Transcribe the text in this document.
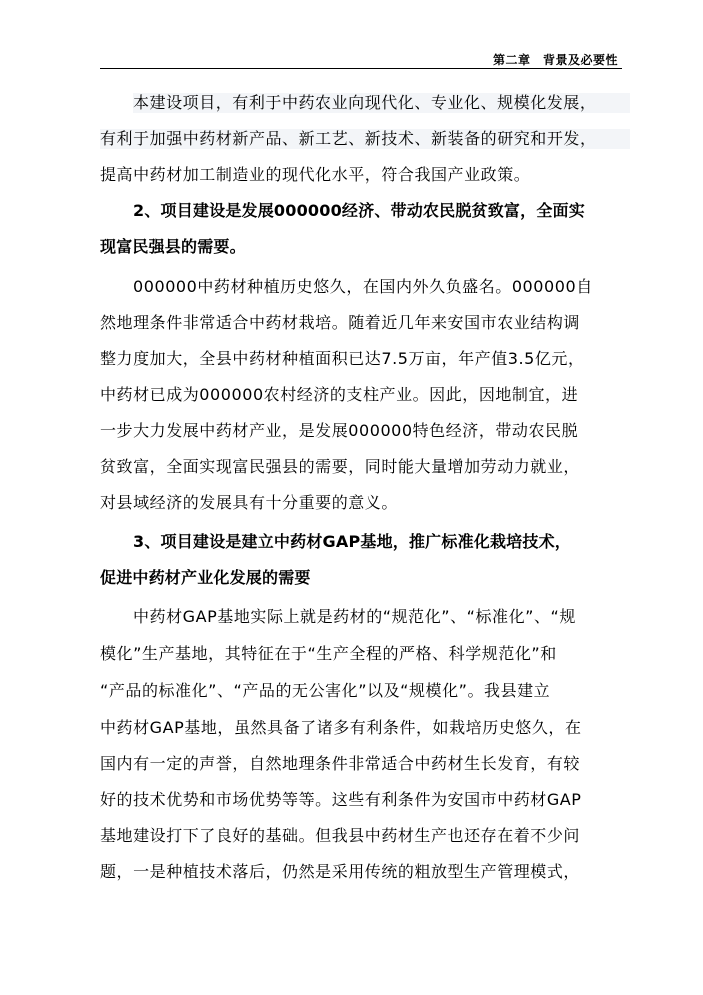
第二章　背景及必要性
本建设项目，有利于中药农业向现代化、专业化、规模化发展，
有利于加强中药材新产品、新工艺、新技术、新装备的研究和开发，
提高中药材加工制造业的现代化水平，符合我国产业政策。
2、项目建设是发展000000经济、带动农民脱贫致富，全面实
现富民强县的需要。
000000中药材种植历史悠久，在国内外久负盛名。000000自
然地理条件非常适合中药材栽培。随着近几年来安国市农业结构调
整力度加大，全县中药材种植面积已达7.5万亩，年产值3.5亿元，
中药材已成为000000农村经济的支柱产业。因此，因地制宜，进
一步大力发展中药材产业，是发展000000特色经济，带动农民脱
贫致富，全面实现富民强县的需要，同时能大量增加劳动力就业，
对县域经济的发展具有十分重要的意义。
3、项目建设是建立中药材GAP基地，推广标准化栽培技术，
促进中药材产业化发展的需要
中药材GAP基地实际上就是药材的“规范化”、“标准化”、“规
模化”生产基地，其特征在于“生产全程的严格、科学规范化”和
“产品的标准化”、“产品的无公害化”以及“规模化”。我县建立
中药材GAP基地，虽然具备了诸多有利条件，如栽培历史悠久，在
国内有一定的声誉，自然地理条件非常适合中药材生长发育，有较
好的技术优势和市场优势等等。这些有利条件为安国市中药材GAP
基地建设打下了良好的基础。但我县中药材生产也还存在着不少问
题，一是种植技术落后，仍然是采用传统的粗放型生产管理模式，
